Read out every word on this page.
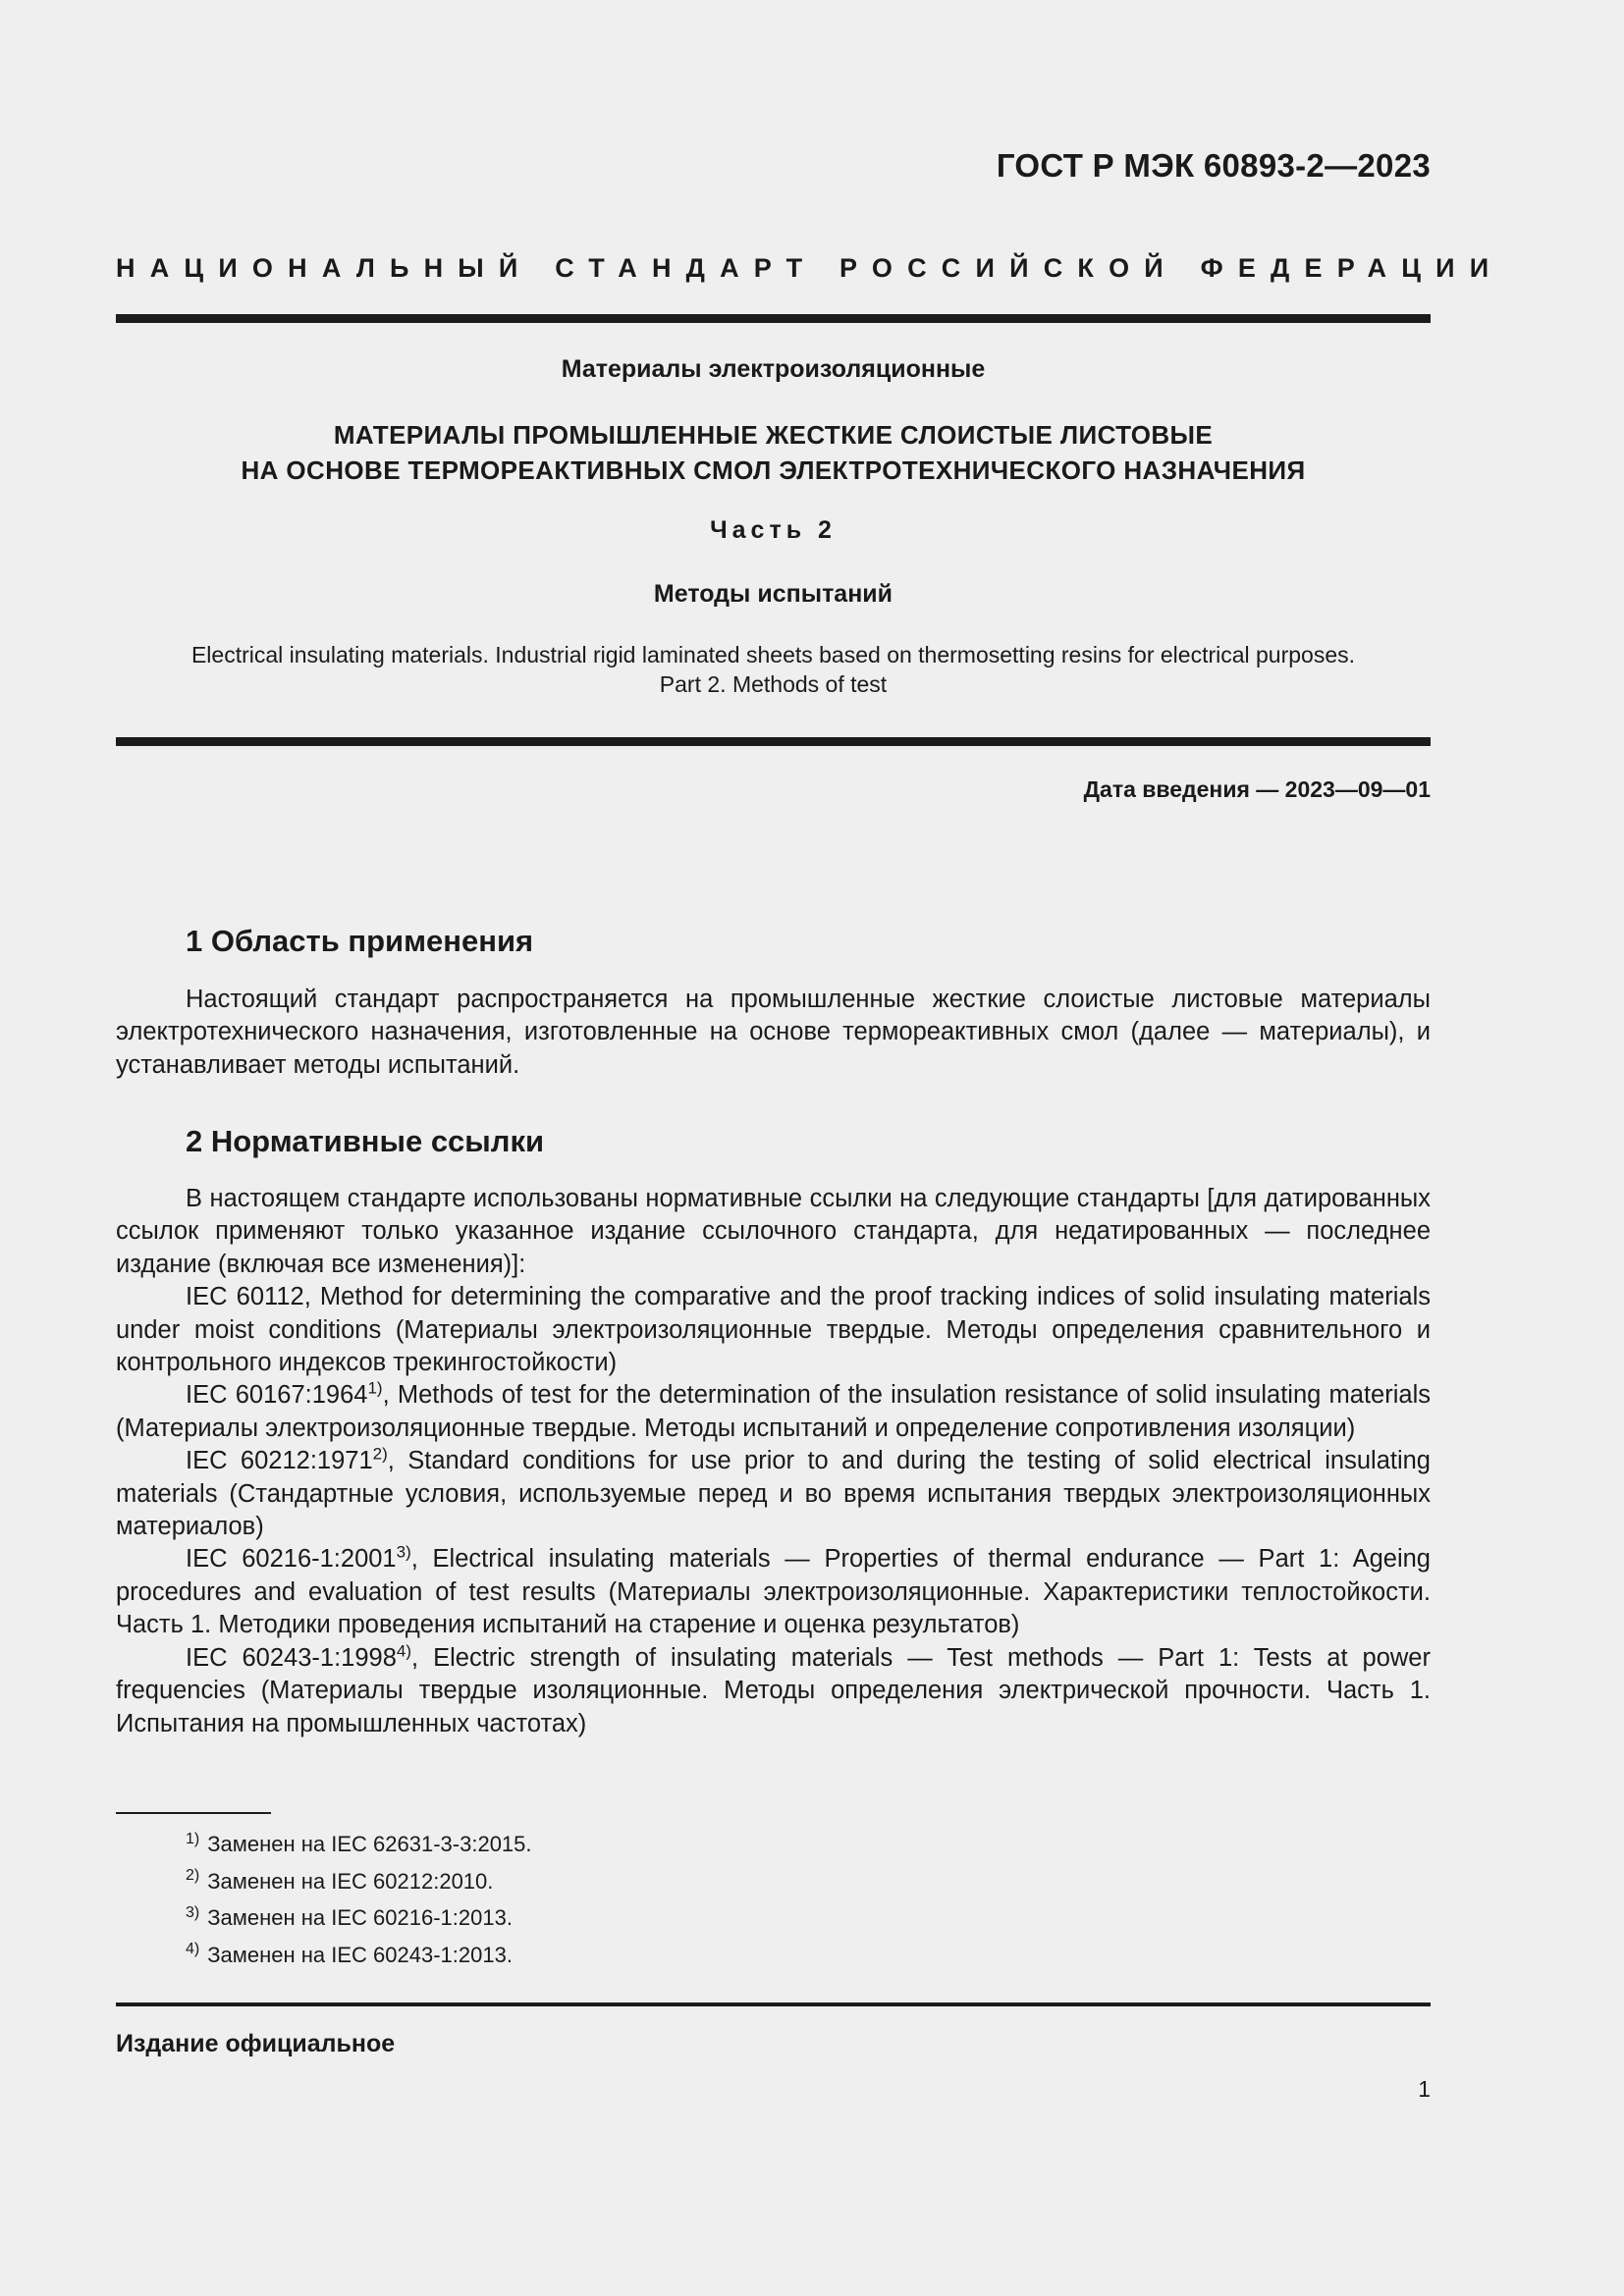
ГОСТ Р МЭК 60893-2—2023
НАЦИОНАЛЬНЫЙ СТАНДАРТ РОССИЙСКОЙ ФЕДЕРАЦИИ
Материалы электроизоляционные
МАТЕРИАЛЫ ПРОМЫШЛЕННЫЕ ЖЕСТКИЕ СЛОИСТЫЕ ЛИСТОВЫЕ
НА ОСНОВЕ ТЕРМОРЕАКТИВНЫХ СМОЛ ЭЛЕКТРОТЕХНИЧЕСКОГО НАЗНАЧЕНИЯ
Часть 2
Методы испытаний
Electrical insulating materials. Industrial rigid laminated sheets based on thermosetting resins for electrical purposes.
Part 2. Methods of test
Дата введения — 2023—09—01
1 Область применения

Настоящий стандарт распространяется на промышленные жесткие слоистые листовые материалы электротехнического назначения, изготовленные на основе термореактивных смол (далее — материалы), и устанавливает методы испытаний.

2 Нормативные ссылки

В настоящем стандарте использованы нормативные ссылки на следующие стандарты [для датированных ссылок применяют только указанное издание ссылочного стандарта, для недатированных — последнее издание (включая все изменения)]:

IEC 60112, Method for determining the comparative and the proof tracking indices of solid insulating materials under moist conditions (Материалы электроизоляционные твердые. Методы определения сравнительного и контрольного индексов трекингостойкости)

IEC 60167:1964$^{1)}$, Methods of test for the determination of the insulation resistance of solid insulating materials (Материалы электроизоляционные твердые. Методы испытаний и определение сопротивления изоляции)

IEC 60212:1971$^{2)}$, Standard conditions for use prior to and during the testing of solid electrical insulating materials (Стандартные условия, используемые перед и во время испытания твердых электроизоляционных материалов)

IEC 60216-1:2001$^{3)}$, Electrical insulating materials — Properties of thermal endurance — Part 1: Ageing procedures and evaluation of test results (Материалы электроизоляционные. Характеристики теплостойкости. Часть 1. Методики проведения испытаний на старение и оценка результатов)

IEC 60243-1:1998$^{4)}$, Electric strength of insulating materials — Test methods — Part 1: Tests at power frequencies (Материалы твердые изоляционные. Методы определения электрической прочности. Часть 1. Испытания на промышленных частотах)

$^{1)}$ Заменен на IEC 62631-3-3:2015.
$^{2)}$ Заменен на IEC 60212:2010.
$^{3)}$ Заменен на IEC 60216-1:2013.
$^{4)}$ Заменен на IEC 60243-1:2013.
Издание официальное
1
